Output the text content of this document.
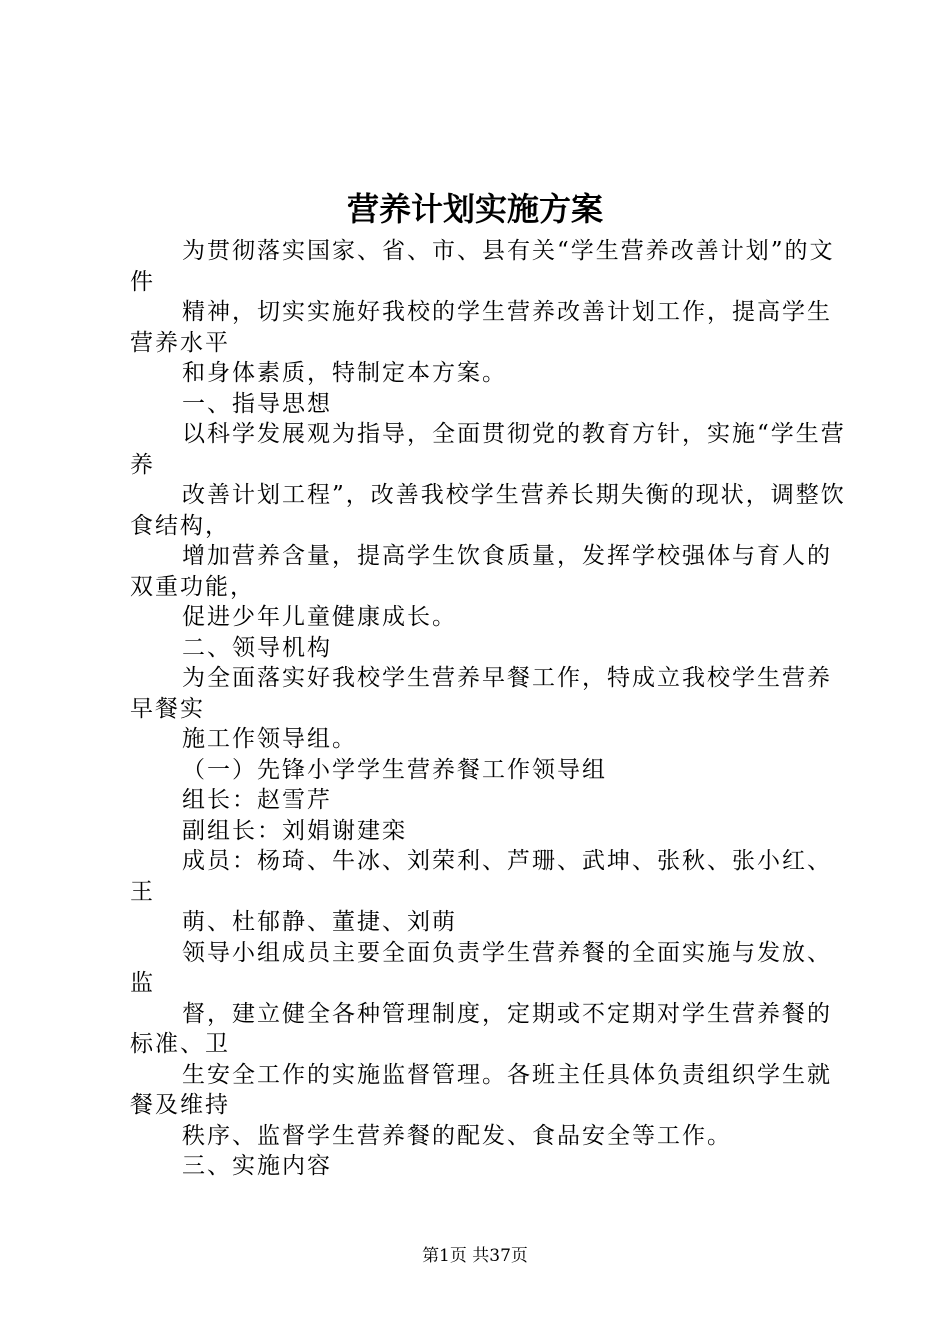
营养计划实施方案

为贯彻落实国家、省、市、县有关“学生营养改善计划”的文件

精神，切实实施好我校的学生营养改善计划工作，提高学生营养水平

和身体素质，特制定本方案。

一、指导思想

以科学发展观为指导，全面贯彻党的教育方针，实施“学生营养

改善计划工程”，改善我校学生营养长期失衡的现状，调整饮食结构，

增加营养含量，提高学生饮食质量，发挥学校强体与育人的双重功能，

促进少年儿童健康成长。

二、领导机构

为全面落实好我校学生营养早餐工作，特成立我校学生营养早餐实

施工作领导组。

（一）先锋小学学生营养餐工作领导组

组长：赵雪芹

副组长：刘娟谢建栾

成员：杨琦、牛冰、刘荣利、芦珊、武坤、张秋、张小红、王

萌、杜郁静、董捷、刘萌

领导小组成员主要全面负责学生营养餐的全面实施与发放、监

督，建立健全各种管理制度，定期或不定期对学生营养餐的标准、卫

生安全工作的实施监督管理。各班主任具体负责组织学生就餐及维持

秩序、监督学生营养餐的配发、食品安全等工作。

三、实施内容

第1页 共37页
